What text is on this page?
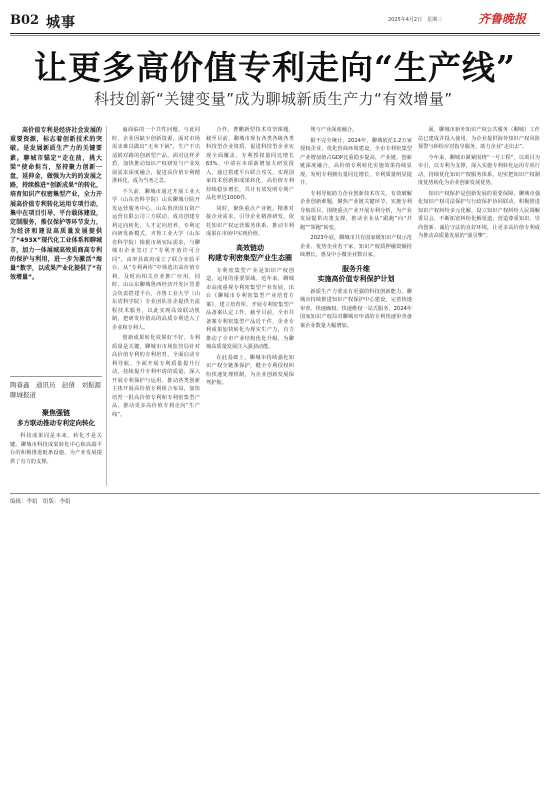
B02 城事	2025年4月2日　星期三	齐鲁晚报
让更多高价值专利走向“生产线”
科技创新“关键变量”成为聊城新质生产力“有效增量”

高价值专利是经济社会发展的重要资源，标志着创新技术的突破。是发展新质生产力的关键要素。聊城市锚定“走在前，挑大梁”使命担当，坚持聚力创新一盘，延伸金，做强为大的的发展之路，持续推进“创新成果”的转化，培育知识产权密集型产业，全力开展高价值专利转化运用专项行动，集中在项目引导，平台载体建设，定制服务，推仅保护等环节发力，为经济和建设高质量发展提供了“493X”现代化工业体系和聊城市，加力一体展城高效质商高专利的保护与利用，进一步为激活“海量”数字，以成果产业化提供了“有效增量”。

陶睿鑫　通讯员　赵倩　刘振源　聊城报道
聚焦强链
多方联动推动专利定向转化

科技成果同是未来，转化才是关键。聊城市科技成果转化中心和高端平台的积极推进链条设施，为产业发展提供了有力的支撑。

遍面临的一个共性问题。与此同时，企业因缺少创新资源，面对市场需求难以做出“无米下锅”，生产不出适销对路的创新型产品，面对这样矛盾，加快推动知识产权研发与产业发展需求深度融合，促进高价值专利精准转化，成为当务之急。

不久前，聊城市通过开展工业大学（山东省科学院）山东聊城分院开发运营服务中心、山东鲁泽国有资产运营有限公司三方联动，成功创建专利定向转化，人才定向培养，专利定向研发新模式，齐鲁工业大学（山东省科学院）根据市场实际需求，与聊城市企业签订了“专利开放许可合同”，由率县政府成立了联合实验平台，从“专利两库”中筛选出高价值专利，及时向相关企业推广应用，同时，由山东聊城鲁西经济开发区管委会负责搭建平台，齐鲁工业大学（山东省科学院）专业团队驻企提供全流程技术服务，以此实现高效联动机制，把研发价值高的高质专利送入了企业和专利人。

创新成果转化效果好不好，专利质量是关键。聊城市市场监管局针对高价值专利的专利培育，全面启动专利导航、全面开展专利质量提升行动，持续提升专利申请的质量，深入开展专利保护与运用，推动各类创新主体开展高价值专利组合布局，加快培育一批高价值专利和专利密集型产品，推动更多高价值专利走向“生产线”。

合作，曹鹏新型技术攻坚课题，截至目前，聊城市现有各类各级各类科技型企业资质，促进科技型企业实现全面覆盖，专利授权量同比增长63%，中请在本项新增加大研发投入，通过搭建平台联合攻关，实现国家技术创新和成果转化，高价值专利持续稳步增长，共计有效发明专利产品化率近1000件。

同时，聚焦重点产业链，精准对接企业需求，引导企业精准研发，依托知识产权运营服务体系，推动专利成果在市场中实现价值。

高效链动
构建专利密集型产业生态圈

专利密集型产业是知识产权创造、运用的重要领域。近年来，聊城市高度重视专利密集型产业发展，出台《聊城市专利密集型产业培育方案》，建立培育库，开展专利密集型产品备案认定工作，截至目前，全市共备案专利密集型产品近千件，企业专利成果加快转化为现实生产力，有力推动了全市产业结构优化升级，为聊城高质量发展注入强劲动能。

在此基础上，聊城市持续强化知识产权全链条保护，健全专利侵权纠纷快速处理机制，为企业创新发展保驾护航。

规与产业深度融合。

据不完全统计，2024年，聊城依托1.2万家授权企业，优化营商环境建设，全市专利密集型产业增加值占GDP比重稳步提高，产业链、创新链深度融合，高价值专利转化实施效果持续显现，发明专利拥有量同比增长，专利质量明显提升。

专利导航助力企业创新技术攻关，有效破解企业创新难题，聚焦产业链关键环节，实施专利导航项目，围绕重点产业开展专利分析，为产业发展提供决策支撑，推动企业从“跟跑”向“并跑”“领跑”转变。

2023年底，聊城市共有国家级知识产权示范企业、优势企业若干家，知识产权质押融资额持续增长，惠及中小微企业数百家。

服务升维
实施高价值专利保护计划

新质生产力要求有更强的科技创新能力。聊城市持续推进知识产权保护中心建设，完善快速审查、快速确权、快速维权一站式服务，2024年国家知识产权局对聊城市申请的专利快速审查备案企业数量大幅增加。

面，聊城市新外知识产权公共服务（聊城）工作站已建成并投入使用，为企业提供海外知识产权风险预警与纠纷应对指导服务，助力企业“走出去”。

今年来，聊城市紧紧围绕“一号工程”，以项目为牵引，以专利为支撑，深入实施专利转化运用专项行动，持续优化知识产权服务体系，切实把知识产权制度优势转化为企业创新发展优势。

知识产权保护是创新发展的重要保障，聊城市强化知识产权司法保护与行政保护协同联动，积极推进知识产权纠纷多元化解，设立知识产权纠纷人民调解委员会，不断拓宽纠纷化解渠道，营造尊重知识、崇尚创新、诚信守法的良好环境，让更多高价值专利成为推动高质量发展的“强引擎”。

编辑：李娟　组版：李娟
